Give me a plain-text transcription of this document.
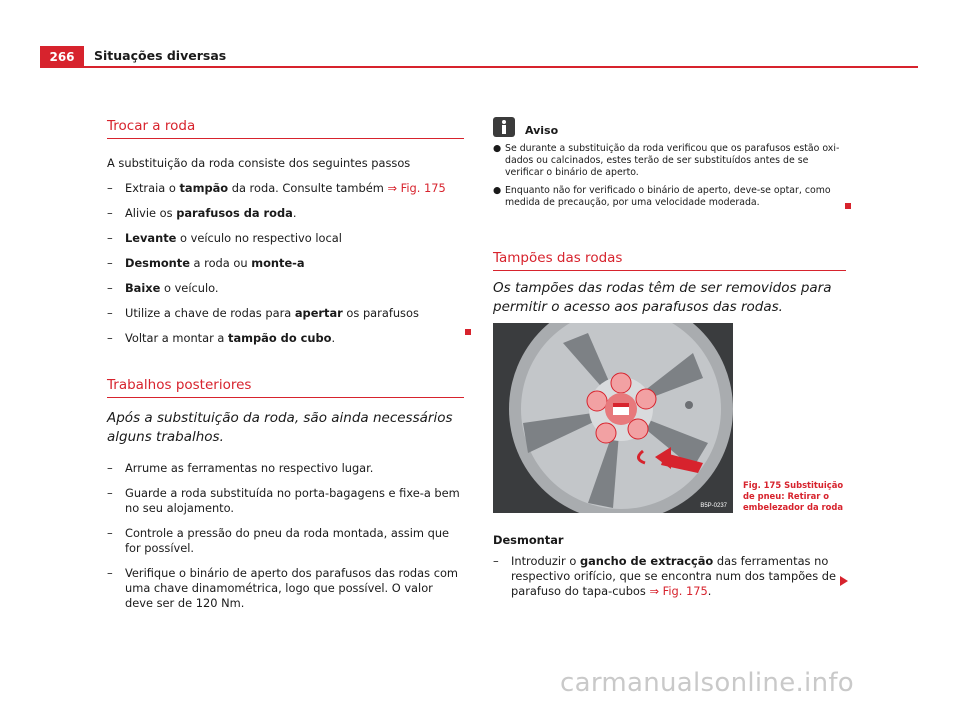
266	Situações diversas
Trocar a roda

A substituição da roda consiste dos seguintes passos

– Extraia o tampão da roda. Consulte também ⇒ Fig. 175
– Alivie os parafusos da roda.
– Levante o veículo no respectivo local
– Desmonte a roda ou monte-a
– Baixe o veículo.
– Utilize a chave de rodas para apertar os parafusos
– Voltar a montar a tampão do cubo.
Trabalhos posteriores

Após a substituição da roda, são ainda necessários alguns trabalhos.

– Arrume as ferramentas no respectivo lugar.
– Guarde a roda substituída no porta-bagagens e fixe-a bem no seu alojamento.
– Controle a pressão do pneu da roda montada, assim que for possível.
– Verifique o binário de aperto dos parafusos das rodas com uma chave dinamométrica, logo que possível. O valor deve ser de 120 Nm.
Aviso
● Se durante a substituição da roda verificou que os parafusos estão oxidados ou calcinados, estes terão de ser substituídos antes de se verificar o binário de aperto.
● Enquanto não for verificado o binário de aperto, deve-se optar, como medida de precaução, por uma velocidade moderada.
Tampões das rodas

Os tampões das rodas têm de ser removidos para permitir o acesso aos parafusos das rodas.

B5P-0237
Fig. 175 Substituição de pneu: Retirar o embelezador da roda
Desmontar
– Introduzir o gancho de extracção das ferramentas no respectivo orifício, que se encontra num dos tampões de parafuso do tapa-cubos ⇒ Fig. 175.
carmanualsonline.info
